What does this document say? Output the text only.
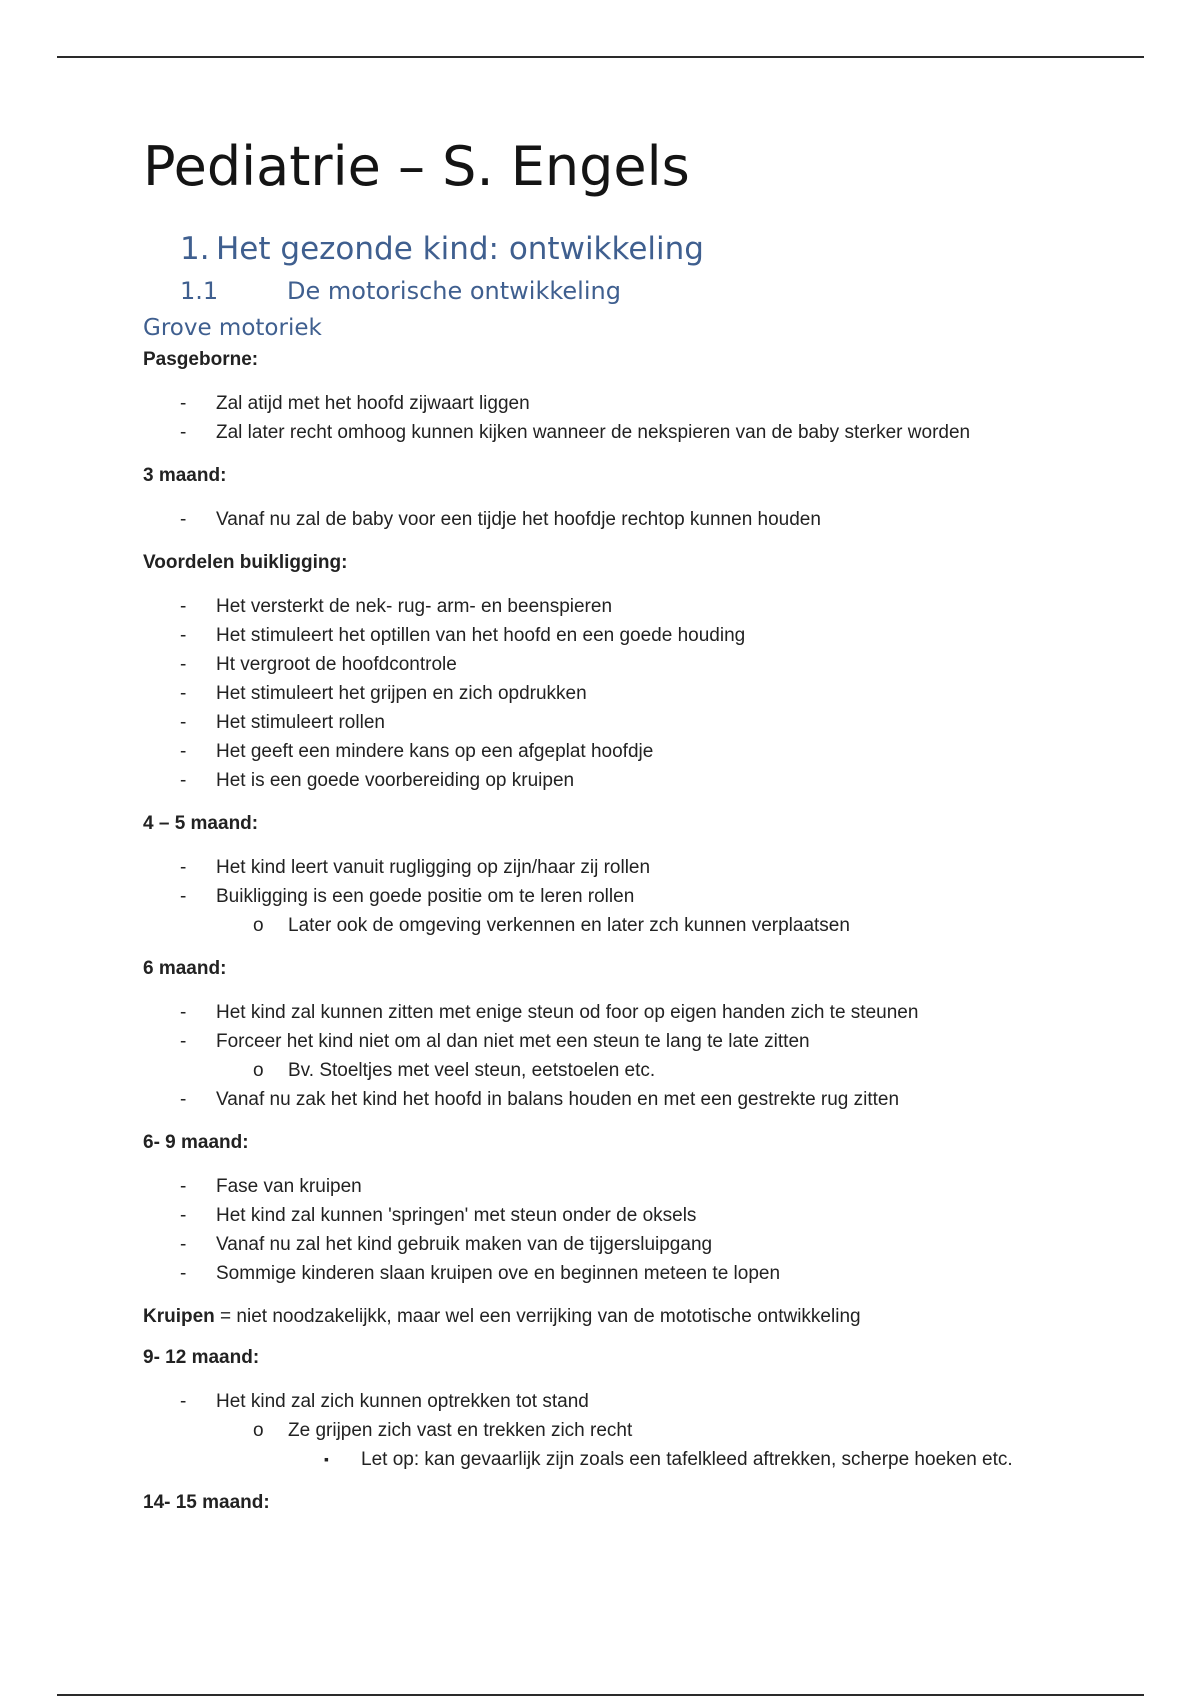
Pediatrie – S. Engels
1. Het gezonde kind: ontwikkeling
1.1	De motorische ontwikkeling
Grove motoriek
Pasgeborne:
- Zal atijd met het hoofd zijwaart liggen
- Zal later recht omhoog kunnen kijken wanneer de nekspieren van de baby sterker worden
3 maand:
- Vanaf nu zal de baby voor een tijdje het hoofdje rechtop kunnen houden
Voordelen buikligging:
- Het versterkt de nek- rug- arm- en beenspieren
- Het stimuleert het optillen van het hoofd en een goede houding
- Ht vergroot de hoofdcontrole
- Het stimuleert het grijpen en zich opdrukken
- Het stimuleert rollen
- Het geeft een mindere kans op een afgeplat hoofdje
- Het is een goede voorbereiding op kruipen
4 – 5 maand:
- Het kind leert vanuit rugligging op zijn/haar zij rollen
- Buikligging is een goede positie om te leren rollen
o Later ook de omgeving verkennen en later zch kunnen verplaatsen
6 maand:
- Het kind zal kunnen zitten met enige steun od foor op eigen handen zich te steunen
- Forceer het kind niet om al dan niet met een steun te lang te late zitten
o Bv. Stoeltjes met veel steun, eetstoelen etc.
- Vanaf nu zak het kind het hoofd in balans houden en met een gestrekte rug zitten
6- 9 maand:
- Fase van kruipen
- Het kind zal kunnen 'springen' met steun onder de oksels
- Vanaf nu zal het kind gebruik maken van de tijgersluipgang
- Sommige kinderen slaan kruipen ove en beginnen meteen te lopen
Kruipen = niet noodzakelijkk, maar wel een verrijking van de mototische ontwikkeling
9- 12 maand:
- Het kind zal zich kunnen optrekken tot stand
o Ze grijpen zich vast en trekken zich recht
▪ Let op: kan gevaarlijk zijn zoals een tafelkleed aftrekken, scherpe hoeken etc.
14- 15 maand:
